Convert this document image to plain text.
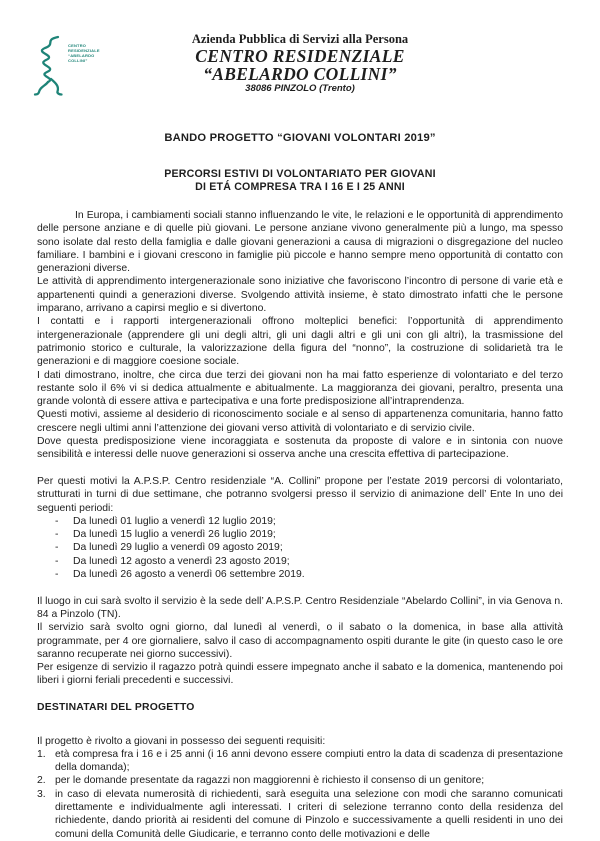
CENTRO
RESIDENZIALE
“ABELARDO
COLLINI”
Azienda Pubblica di Servizi alla Persona
CENTRO RESIDENZIALE
“ABELARDO COLLINI”
38086 PINZOLO (Trento)
BANDO PROGETTO “GIOVANI VOLONTARI 2019”
PERCORSI ESTIVI DI VOLONTARIATO PER GIOVANI
DI ETÁ COMPRESA TRA I 16 E I 25 ANNI

In Europa, i cambiamenti sociali stanno influenzando le vite, le relazioni e le opportunità di apprendimento delle persone anziane e di quelle più giovani. Le persone anziane vivono generalmente più a lungo, ma spesso sono isolate dal resto della famiglia e dalle giovani generazioni a causa di migrazioni o disgregazione del nucleo familiare. I bambini e i giovani crescono in famiglie più piccole e hanno sempre meno opportunità di contatto con generazioni diverse.

Le attività di apprendimento intergenerazionale sono iniziative che favoriscono l’incontro di persone di varie età e appartenenti quindi a generazioni diverse. Svolgendo attività insieme, è stato dimostrato infatti che le persone imparano, arrivano a capirsi meglio e si divertono.

I contatti e i rapporti intergenerazionali offrono molteplici benefici: l’opportunità di apprendimento intergenerazionale (apprendere gli uni degli altri, gli uni dagli altri e gli uni con gli altri), la trasmissione del patrimonio storico e culturale, la valorizzazione della figura del “nonno”, la costruzione di solidarietà tra le generazioni e di maggiore coesione sociale.

I dati dimostrano, inoltre, che circa due terzi dei giovani non ha mai fatto esperienze di volontariato e del terzo restante solo il 6% vi si dedica attualmente e abitualmente. La maggioranza dei giovani, peraltro, presenta una grande volontà di essere attiva e partecipativa e una forte predisposizione all’intraprendenza.

Questi motivi, assieme al desiderio di riconoscimento sociale e al senso di appartenenza comunitaria, hanno fatto crescere negli ultimi anni l’attenzione dei giovani verso attività di volontariato e di servizio civile.

Dove questa predisposizione viene incoraggiata e sostenuta da proposte di valore e in sintonia con nuove sensibilità e interessi delle nuove generazioni si osserva anche una crescita effettiva di partecipazione.

Per questi motivi la A.P.S.P. Centro residenziale “A. Collini” propone per l’estate 2019 percorsi di volontariato, strutturati in turni di due settimane, che potranno svolgersi presso il servizio di animazione dell’ Ente In uno dei seguenti periodi:

-	Da lunedì 01 luglio a venerdì 12 luglio 2019;
-	Da lunedì 15 luglio a venerdì 26 luglio 2019;
-	Da lunedì 29 luglio a venerdì 09 agosto 2019;
-	Da lunedì 12 agosto a venerdì 23 agosto 2019;
-	Da lunedì 26 agosto a venerdì 06 settembre 2019.

Il luogo in cui sarà svolto il servizio è la sede dell’ A.P.S.P. Centro Residenziale “Abelardo Collini”, in via Genova n. 84 a Pinzolo (TN).

Il servizio sarà svolto ogni giorno, dal lunedì al venerdì, o il sabato o la domenica, in base alla attività programmate, per 4 ore giornaliere, salvo il caso di accompagnamento ospiti durante le gite (in questo caso le ore saranno recuperate nei giorno successivi).

Per esigenze di servizio il ragazzo potrà quindi essere impegnato anche il sabato e la domenica, mantenendo poi liberi i giorni feriali precedenti e successivi.

DESTINATARI DEL PROGETTO

Il progetto è rivolto a giovani in possesso dei seguenti requisiti:

1. età compresa fra i 16 e i 25 anni (i 16 anni devono essere compiuti entro la data di scadenza di presentazione della domanda);
2. per le domande presentate da ragazzi non maggiorenni è richiesto il consenso di un genitore;
3. in caso di elevata numerosità di richiedenti, sarà eseguita una selezione con modi che saranno comunicati direttamente e individualmente agli interessati. I criteri di selezione terranno conto della residenza del richiedente, dando priorità ai residenti del comune di Pinzolo e successivamente a quelli residenti in uno dei comuni della Comunità delle Giudicarie, e terranno conto delle motivazioni e delle
